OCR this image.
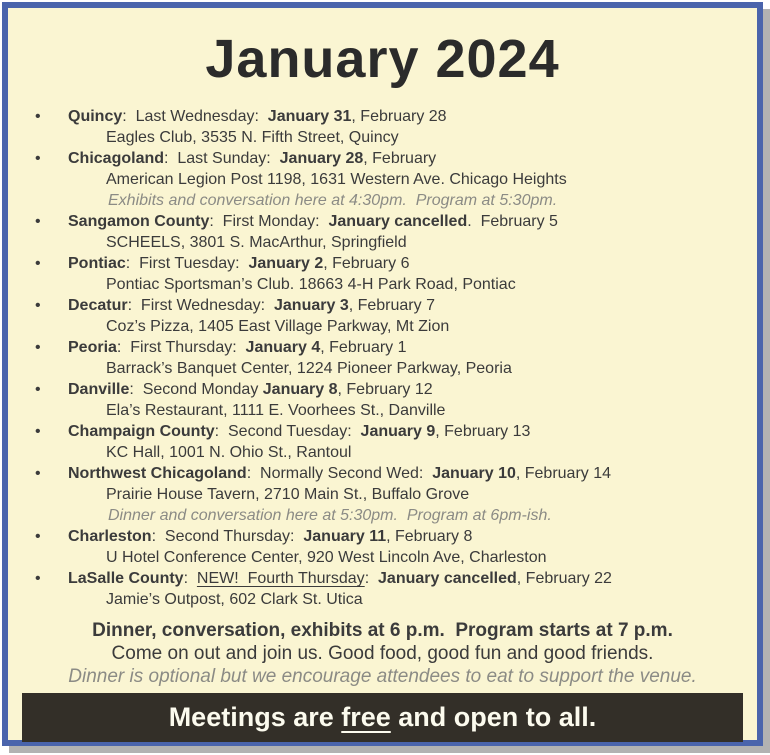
January 2024
•	Quincy:  Last Wednesday:  January 31, February 28
Eagles Club, 3535 N. Fifth Street, Quincy
•	Chicagoland:  Last Sunday:  January 28, February
American Legion Post 1198, 1631 Western Ave. Chicago Heights
Exhibits and conversation here at 4:30pm.  Program at 5:30pm.
•	Sangamon County:  First Monday:  January cancelled.  February 5
SCHEELS, 3801 S. MacArthur, Springfield
•	Pontiac:  First Tuesday:  January 2, February 6
Pontiac Sportsman’s Club. 18663 4-H Park Road, Pontiac
•	Decatur:  First Wednesday:  January 3, February 7
Coz’s Pizza, 1405 East Village Parkway, Mt Zion
•	Peoria:  First Thursday:  January 4, February 1
Barrack’s Banquet Center, 1224 Pioneer Parkway, Peoria
•	Danville:  Second Monday January 8, February 12
Ela’s Restaurant, 1111 E. Voorhees St., Danville
•	Champaign County:  Second Tuesday:  January 9, February 13
KC Hall, 1001 N. Ohio St., Rantoul
•	Northwest Chicagoland:  Normally Second Wed:  January 10, February 14
Prairie House Tavern, 2710 Main St., Buffalo Grove
Dinner and conversation here at 5:30pm.  Program at 6pm-ish.
•	Charleston:  Second Thursday:  January 11, February 8
U Hotel Conference Center, 920 West Lincoln Ave, Charleston
•	LaSalle County:  NEW!  Fourth Thursday:  January cancelled, February 22
Jamie’s Outpost, 602 Clark St. Utica
Dinner, conversation, exhibits at 6 p.m.  Program starts at 7 p.m.
Come on out and join us. Good food, good fun and good friends.
Dinner is optional but we encourage attendees to eat to support the venue.
Meetings are free and open to all.
